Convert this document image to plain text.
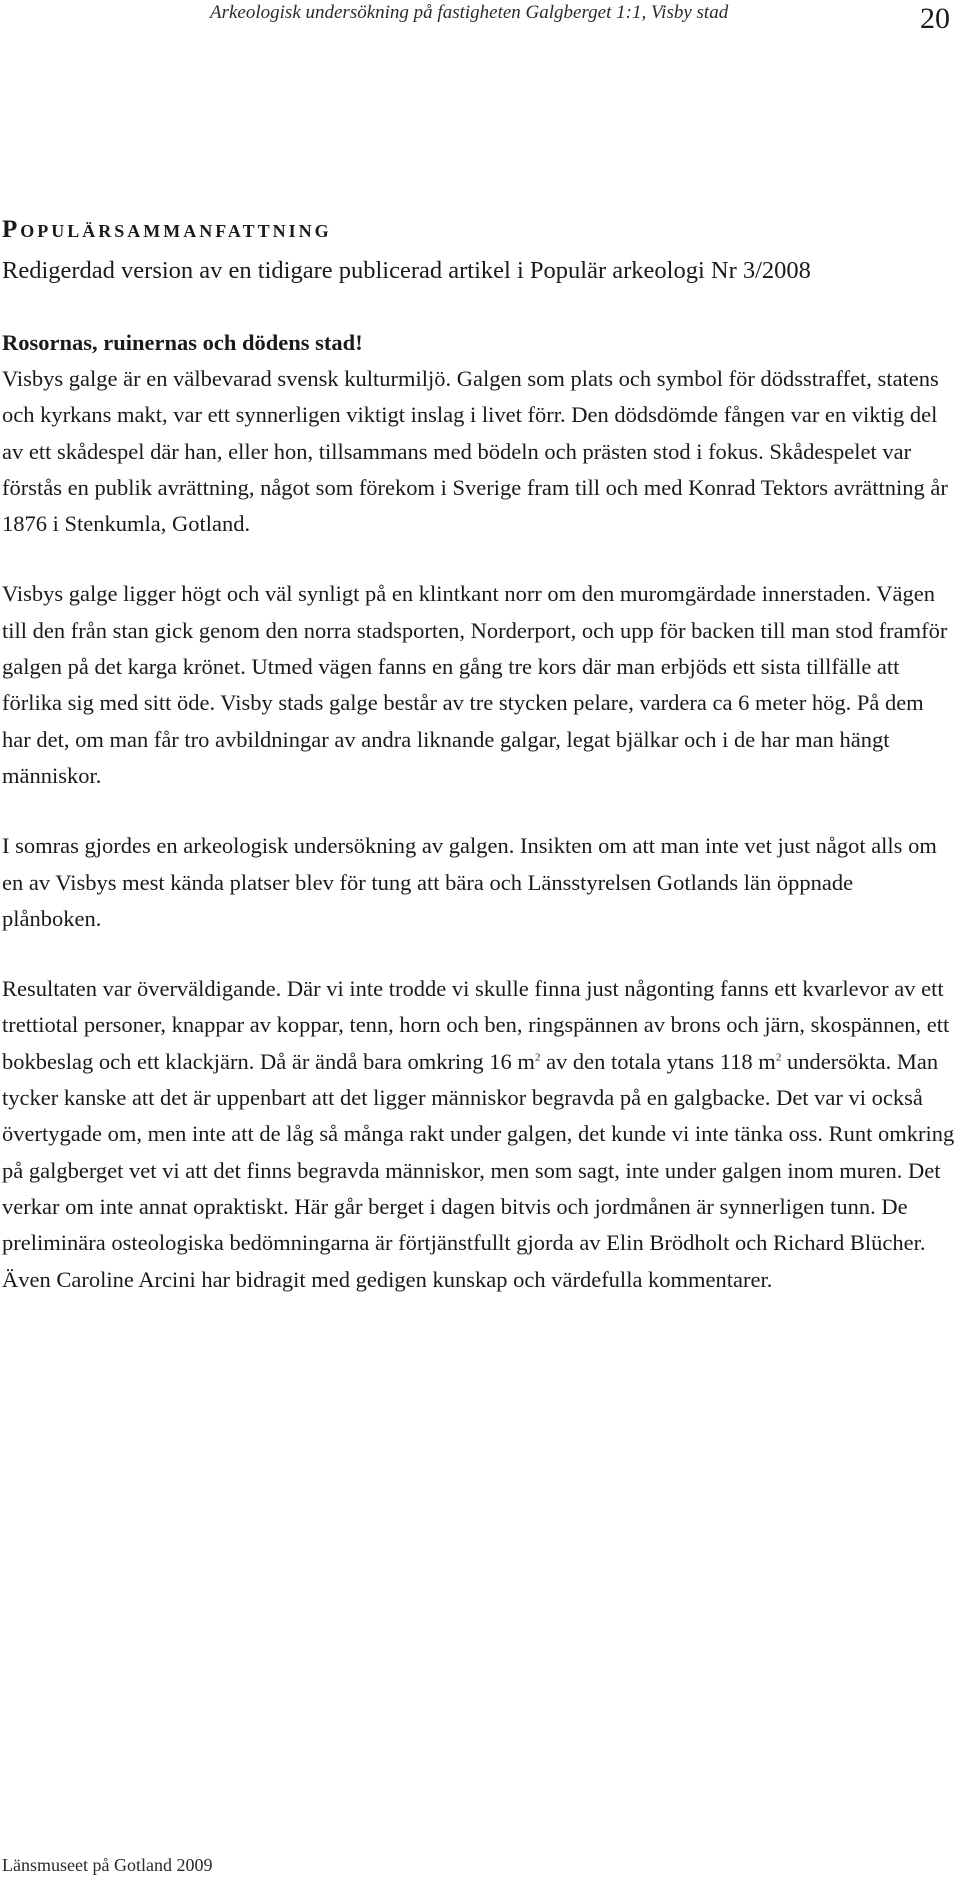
Arkeologisk undersökning på fastigheten Galgberget 1:1, Visby stad	20
Populärsammanfattning

Redigerdad version av en tidigare publicerad artikel i Populär arkeologi Nr 3/2008

Rosornas, ruinernas och dödens stad!

Visbys galge är en välbevarad svensk kulturmiljö. Galgen som plats och symbol för dödsstraffet, statens och kyrkans makt, var ett synnerligen viktigt inslag i livet förr. Den dödsdömde fången var en viktig del av ett skådespel där han, eller hon, tillsammans med bödeln och prästen stod i fokus. Skådespelet var förstås en publik avrättning, något som förekom i Sverige fram till och med Konrad Tektors avrättning år 1876 i Stenkumla, Gotland.

Visbys galge ligger högt och väl synligt på en klintkant norr om den muromgärdade innerstaden. Vägen till den från stan gick genom den norra stadsporten, Norderport, och upp för backen till man stod framför galgen på det karga krönet. Utmed vägen fanns en gång tre kors där man erbjöds ett sista tillfälle att förlika sig med sitt öde. Visby stads galge består av tre stycken pelare, vardera ca 6 meter hög. På dem har det, om man får tro avbildningar av andra liknande galgar, legat bjälkar och i de har man hängt människor.

I somras gjordes en arkeologisk undersökning av galgen. Insikten om att man inte vet just något alls om en av Visbys mest kända platser blev för tung att bära och Länsstyrelsen Gotlands län öppnade plånboken.

Resultaten var överväldigande. Där vi inte trodde vi skulle finna just någonting fanns ett kvarlevor av ett trettiotal personer, knappar av koppar, tenn, horn och ben, ringspännen av brons och järn, skospännen, ett bokbeslag och ett klackjärn. Då är ändå bara omkring 16 $m^2$ av den totala ytans 118 $m^2$ undersökta. Man tycker kanske att det är uppenbart att det ligger människor begravda på en galgbacke. Det var vi också övertygade om, men inte att de låg så många rakt under galgen, det kunde vi inte tänka oss. Runt omkring på galgberget vet vi att det finns begravda människor, men som sagt, inte under galgen inom muren. Det verkar om inte annat opraktiskt. Här går berget i dagen bitvis och jordmånen är synnerligen tunn. De preliminära osteologiska bedömningarna är förtjänstfullt gjorda av Elin Brödholt och Richard Blücher. Även Caroline Arcini har bidragit med gedigen kunskap och värdefulla kommentarer.

Länsmuseet på Gotland 2009
